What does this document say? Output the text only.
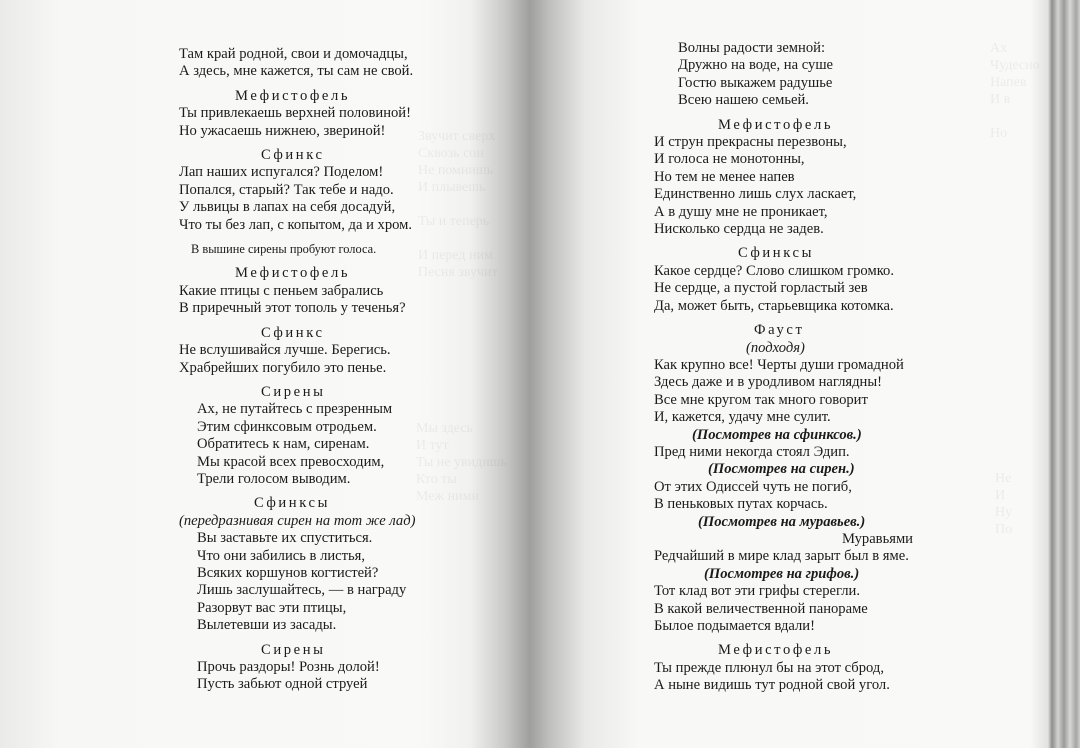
Звучит сверх
Сквозь сон
Не помнишь
И плывешь

Ты и теперь

И перед ним
Песня звучит
Мы здесь
И тут
Ты не увидишь
Кто ты
Меж ними
Ах
Чудесно
Напев
И в

Но
Не
И
Ну
По
Там край родной, свои и домочадцы,
А здесь, мне кажется, ты сам не свой.
Мефистофель
Ты привлекаешь верхней половиной!
Но ужасаешь нижнею, звериной!
Сфинкс
Лап наших испугался? Поделом!
Попался, старый? Так тебе и надо.
У львицы в лапах на себя досадуй,
Что ты без лап, с копытом, да и хром.
В вышине сирены пробуют голоса.
Мефистофель
Какие птицы с пеньем забрались
В приречный этот тополь у теченья?
Сфинкс
Не вслушивайся лучше. Берегись.
Храбрейших погубило это пенье.
Сирены
Ах, не путайтесь с презренным
Этим сфинксовым отродьем.
Обратитесь к нам, сиренам.
Мы красой всех превосходим,
Трели голосом выводим.
Сфинксы
(передразнивая сирен на тот же лад)
Вы заставьте их спуститься.
Что они забились в листья,
Всяких коршунов когтистей?
Лишь заслушайтесь, — в награду
Разорвут вас эти птицы,
Вылетевши из засады.
Сирены
Прочь раздоры! Рознь долой!
Пусть забьют одной струей
Волны радости земной:
Дружно на воде, на суше
Гостю выкажем радушье
Всею нашею семьей.
Мефистофель
И струн прекрасны перезвоны,
И голоса не монотонны,
Но тем не менее напев
Единственно лишь слух ласкает,
А в душу мне не проникает,
Нисколько сердца не задев.
Сфинксы
Какое сердце? Слово слишком громко.
Не сердце, а пустой горластый зев
Да, может быть, старьевщика котомка.
Фауст
(подходя)
Как крупно все! Черты души громадной
Здесь даже и в уродливом наглядны!
Все мне кругом так много говорит
И, кажется, удачу мне сулит.
(Посмотрев на сфинксов.)
Пред ними некогда стоял Эдип.
(Посмотрев на сирен.)
От этих Одиссей чуть не погиб,
В пеньковых путах корчась.
(Посмотрев на муравьев.)
Муравьями
Редчайший в мире клад зарыт был в яме.
(Посмотрев на грифов.)
Тот клад вот эти грифы стерегли.
В какой величественной панораме
Былое подымается вдали!
Мефистофель
Ты прежде плюнул бы на этот сброд,
А ныне видишь тут родной свой угол.
